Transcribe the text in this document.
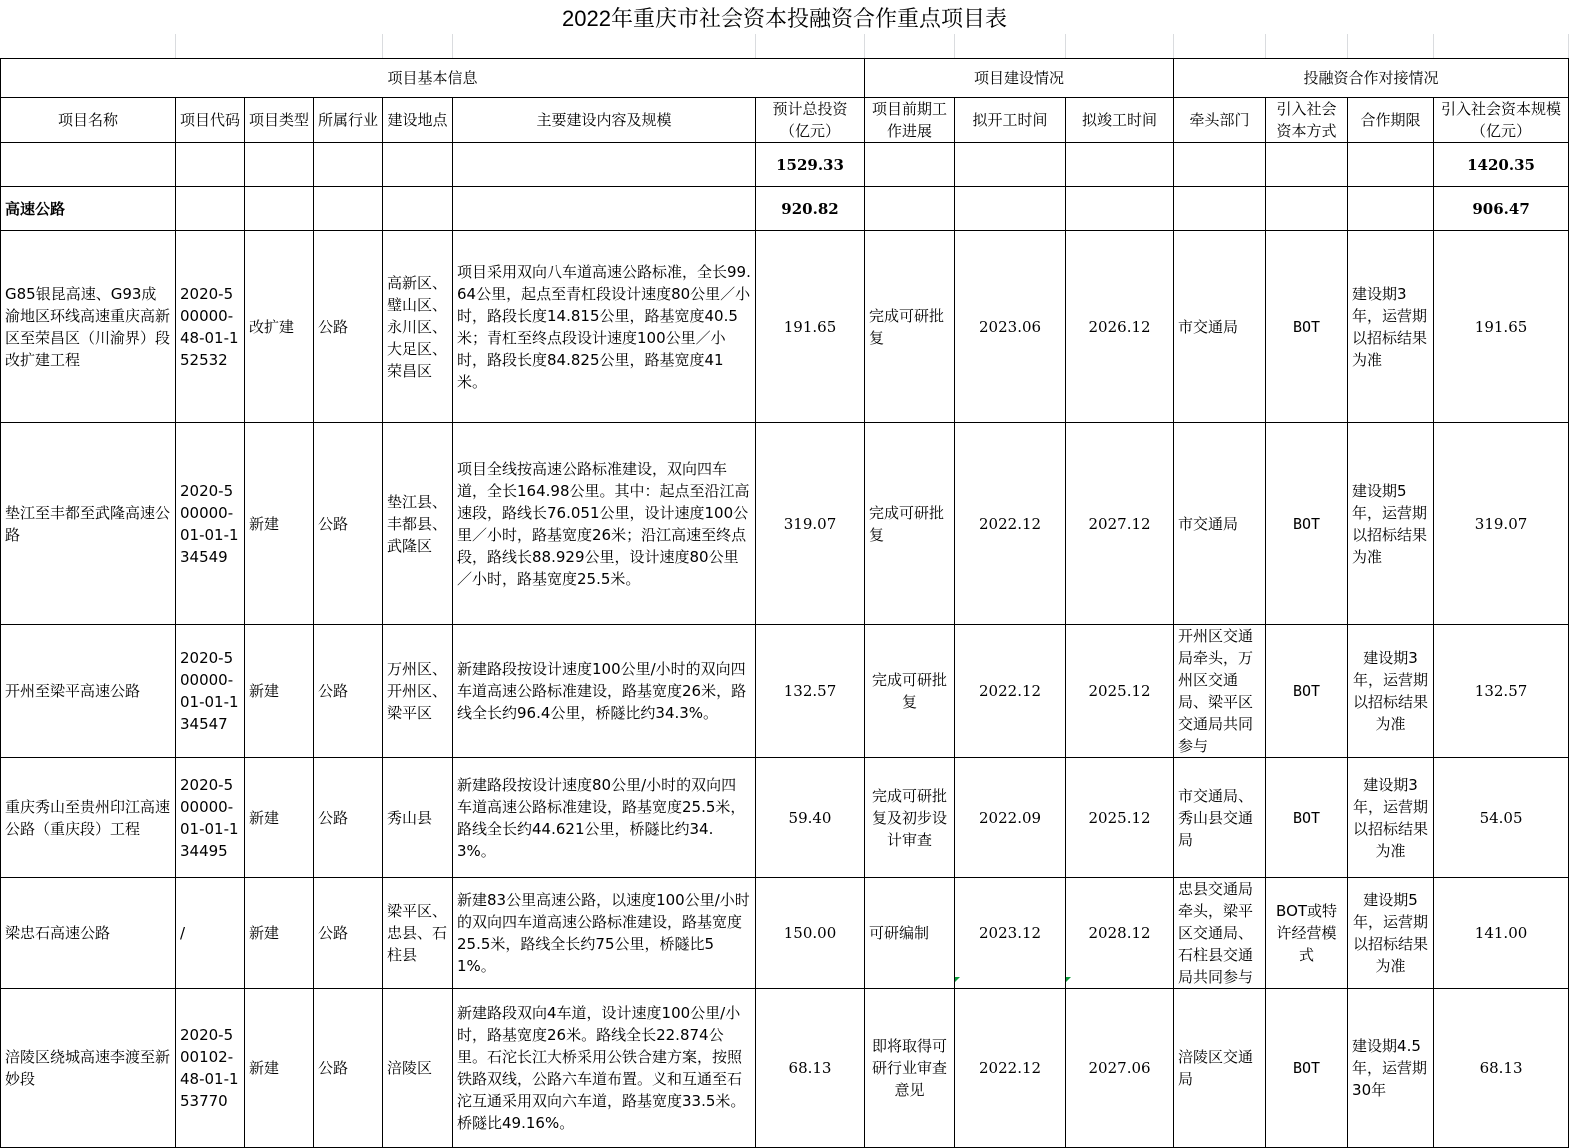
2022年重庆市社会资本投融资合作重点项目表
项目基本信息							项目建设情况			投融资合作对接情况			
项目名称	项目代码	项目类型	所属行业	建设地点	主要建设内容及规模	预计总投资（亿元）	项目前期工作进展	拟开工时间	拟竣工时间	牵头部门	引入社会资本方式	合作期限	引入社会资本规模（亿元）
						1529.33							1420.35
高速公路						920.82							906.47
G85银昆高速、G93成渝地区环线高速重庆高新区至荣昌区（川渝界）段改扩建工程	2020-500000-48-01-152532	改扩建	公路	高新区、璧山区、永川区、大足区、荣昌区	项目采用双向八车道高速公路标准，全长99.64公里，起点至青杠段设计速度80公里／小时，路段长度14.815公里，路基宽度40.5米；青杠至终点段设计速度100公里／小时，路段长度84.825公里，路基宽度41米。	191.65	完成可研批复	2023.06	2026.12	市交通局	BOT	建设期3年，运营期以招标结果为准	191.65
垫江至丰都至武隆高速公路	2020-500000-01-01-134549	新建	公路	垫江县、丰都县、武隆区	项目全线按高速公路标准建设，双向四车道，全长164.98公里。其中：起点至沿江高速段，路线长76.051公里，设计速度100公里／小时，路基宽度26米；沿江高速至终点段，路线长88.929公里，设计速度80公里／小时，路基宽度25.5米。	319.07	完成可研批复	2022.12	2027.12	市交通局	BOT	建设期5年，运营期以招标结果为准	319.07
开州至梁平高速公路	2020-500000-01-01-134547	新建	公路	万州区、开州区、梁平区	新建路段按设计速度100公里/小时的双向四车道高速公路标准建设，路基宽度26米，路线全长约96.4公里，桥隧比约34.3%。	132.57	完成可研批复	2022.12	2025.12	开州区交通局牵头，万州区交通局、梁平区交通局共同参与	BOT	建设期3年，运营期以招标结果为准	132.57
重庆秀山至贵州印江高速公路（重庆段）工程	2020-500000-01-01-134495	新建	公路	秀山县	新建路段按设计速度80公里/小时的双向四车道高速公路标准建设，路基宽度25.5米，路线全长约44.621公里，桥隧比约34.3%。	59.40	完成可研批复及初步设计审查	2022.09	2025.12	市交通局、秀山县交通局	BOT	建设期3年，运营期以招标结果为准	54.05
梁忠石高速公路	/	新建	公路	梁平区、忠县、石柱县	新建83公里高速公路，以速度100公里/小时的双向四车道高速公路标准建设，路基宽度25.5米，路线全长约75公里，桥隧比51%。	150.00	可研编制	2023.12	2028.12	忠县交通局牵头，梁平区交通局、石柱县交通局共同参与	BOT或特许经营模式	建设期5年，运营期以招标结果为准	141.00
涪陵区绕城高速李渡至新妙段	2020-500102-48-01-153770	新建	公路	涪陵区	新建路段双向4车道，设计速度100公里/小时，路基宽度26米。路线全长22.874公里。石沱长江大桥采用公铁合建方案，按照铁路双线，公路六车道布置。义和互通至石沱互通采用双向六车道，路基宽度33.5米。桥隧比49.16%。	68.13	即将取得可研行业审查意见	2022.12	2027.06	涪陵区交通局	BOT	建设期4.5年，运营期30年	68.13
